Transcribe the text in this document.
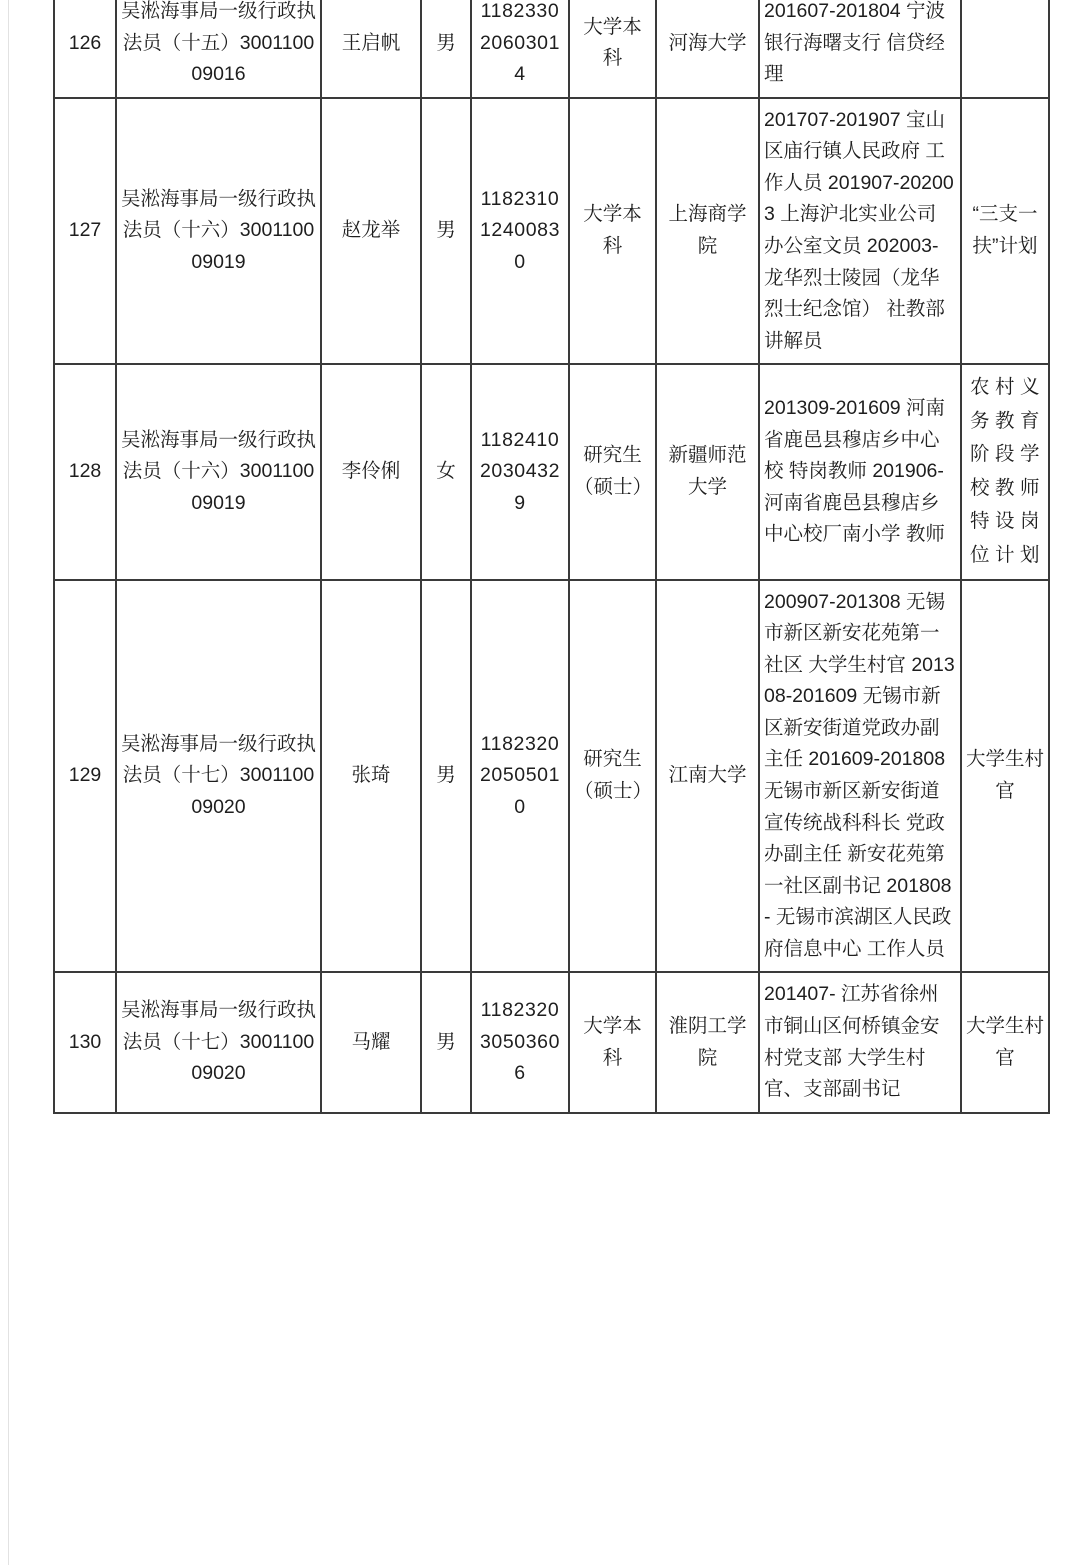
126	吴淞海事局一级行政执法员（十五）300110009016	王启帆	男	118233020603014	大学本科	河海大学	201607-201804 宁波银行海曙支行 信贷经理	
127	吴淞海事局一级行政执法员（十六）300110009019	赵龙举	男	118231012400830	大学本科	上海商学院	201707-201907 宝山区庙行镇人民政府 工作人员 201907-202003 上海沪北实业公司 办公室文员 202003- 龙华烈士陵园（龙华烈士纪念馆） 社教部讲解员	“三支一扶”计划
128	吴淞海事局一级行政执法员（十六）300110009019	李伶俐	女	118241020304329	研究生（硕士）	新疆师范大学	201309-201609 河南省鹿邑县穆店乡中心校 特岗教师 201906-河南省鹿邑县穆店乡中心校厂南小学 教师	农村义务教育阶段学校教师特设岗位计划
129	吴淞海事局一级行政执法员（十七）300110009020	张琦	男	118232020505010	研究生（硕士）	江南大学	200907-201308 无锡市新区新安花苑第一社区 大学生村官 201308-201609 无锡市新区新安街道党政办副主任 201609-201808 无锡市新区新安街道 宣传统战科科长 党政办副主任 新安花苑第一社区副书记 201808- 无锡市滨湖区人民政府信息中心 工作人员	大学生村官
130	吴淞海事局一级行政执法员（十七）300110009020	马耀	男	118232030503606	大学本科	淮阴工学院	201407- 江苏省徐州市铜山区何桥镇金安村党支部 大学生村官、支部副书记	大学生村官
